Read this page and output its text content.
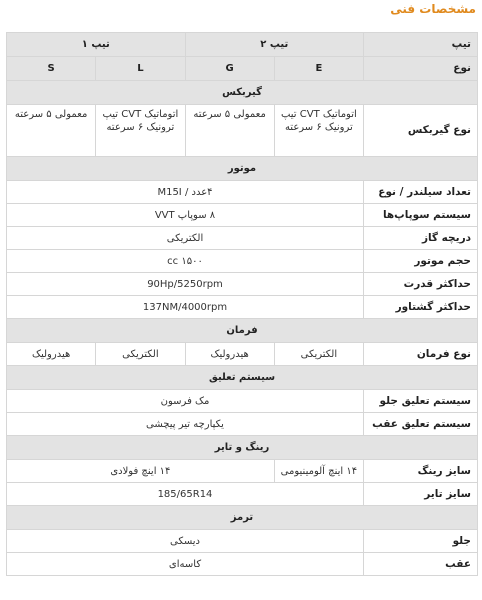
مشخصات فنی
تیپ	تیپ ۲		تیپ ۱	
نوع	E	G	L	S
گیربکس				
نوع گیربکس	اتوماتیک CVT تیپ ترونیک ۶ سرعته	معمولی ۵ سرعته	اتوماتیک CVT تیپ ترونیک ۶ سرعته	معمولی ۵ سرعته
موتور				
تعداد سیلندر / نوع	۴عدد / M15I			
سیستم سوپاپ‌ها	۸ سوپاپ VVT			
دریچه گاز	الکتریکی			
حجم موتور	cc ۱۵۰۰			
حداکثر قدرت	90Hp/5250rpm			
حداکثر گشتاور	137NM/4000rpm			
فرمان				
نوع فرمان	الکتریکی	هیدرولیک	الکتریکی	هیدرولیک
سیستم تعلیق				
سیستم تعلیق جلو	مک فرسون			
سیستم تعلیق عقب	یکپارچه تیر پیچشی			
رینگ و تایر				
سایز رینگ	۱۴ اینچ آلومینیومی	۱۴ اینچ فولادی		
سایز تایر	185/65R14			
ترمز				
جلو	دیسکی			
عقب	کاسه‌ای			
